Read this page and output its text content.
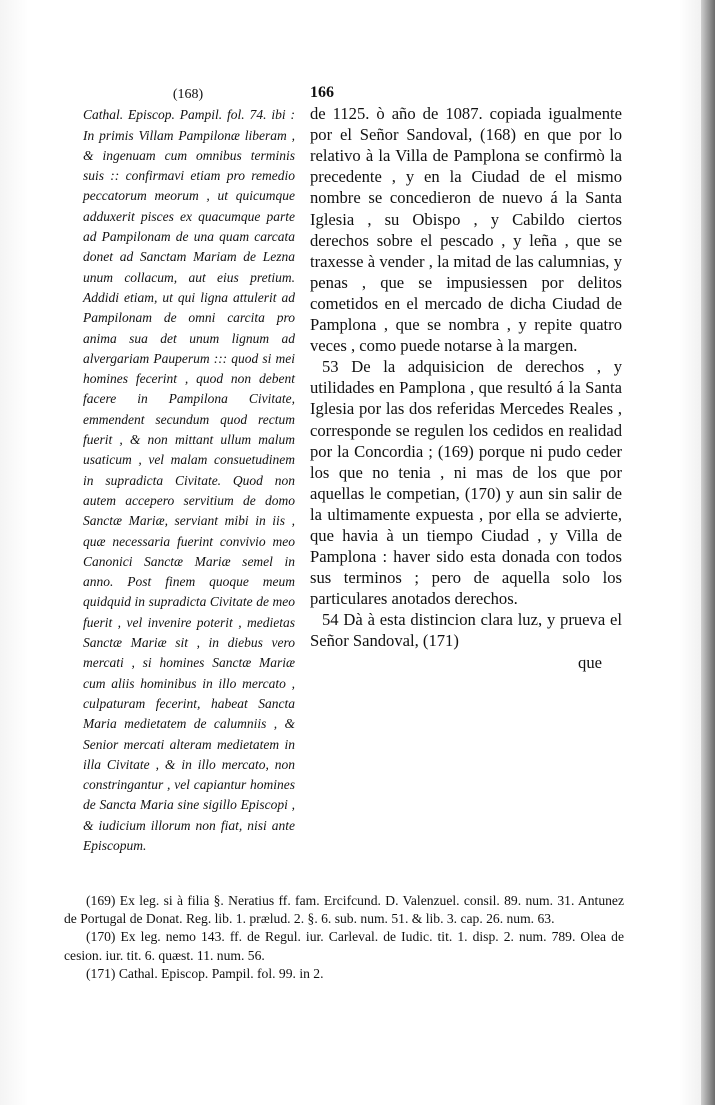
(168)

Cathal. Episcop. Pampil. fol. 74. ibi : In primis Villam Pampilonæ liberam , & ingenuam cum omnibus terminis suis :: confirmavi etiam pro remedio peccatorum meorum , ut quicumque adduxerit pisces ex quacumque parte ad Pampilonam de una quam carcata donet ad Sanctam Mariam de Lezna unum collacum, aut eius pretium. Addidi etiam, ut qui ligna attulerit ad Pampilonam de omni carcita pro anima sua det unum lignum ad alvergariam Pauperum ::: quod si mei homines fecerint , quod non debent facere in Pampilona Civitate, emmendent secundum quod rectum fuerit , & non mittant ullum malum usaticum , vel malam consuetudinem in supradicta Civitate. Quod non autem accepero servitium de domo Sanctæ Mariæ, serviant mibi in iis , quæ necessaria fuerint convivio meo Canonici Sanctæ Mariæ semel in anno. Post finem quoque meum quidquid in supradicta Civitate de meo fuerit , vel invenire poterit , medietas Sanctæ Mariæ sit , in diebus vero mercati , si homines Sanctæ Mariæ cum aliis hominibus in illo mercato , culpaturam fecerint, habeat Sancta Maria medietatem de calumniis , & Senior mercati alteram medietatem in illa Civitate , & in illo mercato, non constringantur , vel capiantur homines de Sancta Maria sine sigillo Episcopi , & iudicium illorum non fiat, nisi ante Episcopum.

166

de 1125. ò año de 1087. copiada igualmente por el Señor Sandoval, (168) en que por lo relativo à la Villa de Pamplona se confirmò la precedente , y en la Ciudad de el mismo nombre se concedieron de nuevo á la Santa Iglesia , su Obispo , y Cabildo ciertos derechos sobre el pescado , y leña , que se traxesse à vender , la mitad de las calumnias, y penas , que se impusiessen por delitos cometidos en el mercado de dicha Ciudad de Pamplona , que se nombra , y repite quatro veces , como puede notarse à la margen.

53 De la adquisicion de derechos , y utilidades en Pamplona , que resultó á la Santa Iglesia por las dos referidas Mercedes Reales , corresponde se regulen los cedidos en realidad por la Concordia ; (169) porque ni pudo ceder los que no tenia , ni mas de los que por aquellas le competian, (170) y aun sin salir de la ultimamente expuesta , por ella se advierte, que havia à un tiempo Ciudad , y Villa de Pamplona : haver sido esta donada con todos sus terminos ; pero de aquella solo los particulares anotados derechos.

54 Dà à esta distincion clara luz, y prueva el Señor Sandoval, (171)

que

(169) Ex leg. si à filia §. Neratius ff. fam. Ercifcund. D. Valenzuel. consil. 89. num. 31. Antunez de Portugal de Donat. Reg. lib. 1. prælud. 2. §. 6. sub. num. 51. & lib. 3. cap. 26. num. 63.

(170) Ex leg. nemo 143. ff. de Regul. iur. Carleval. de Iudic. tit. 1. disp. 2. num. 789. Olea de cesion. iur. tit. 6. quæst. 11. num. 56.

(171) Cathal. Episcop. Pampil. fol. 99. in 2.
